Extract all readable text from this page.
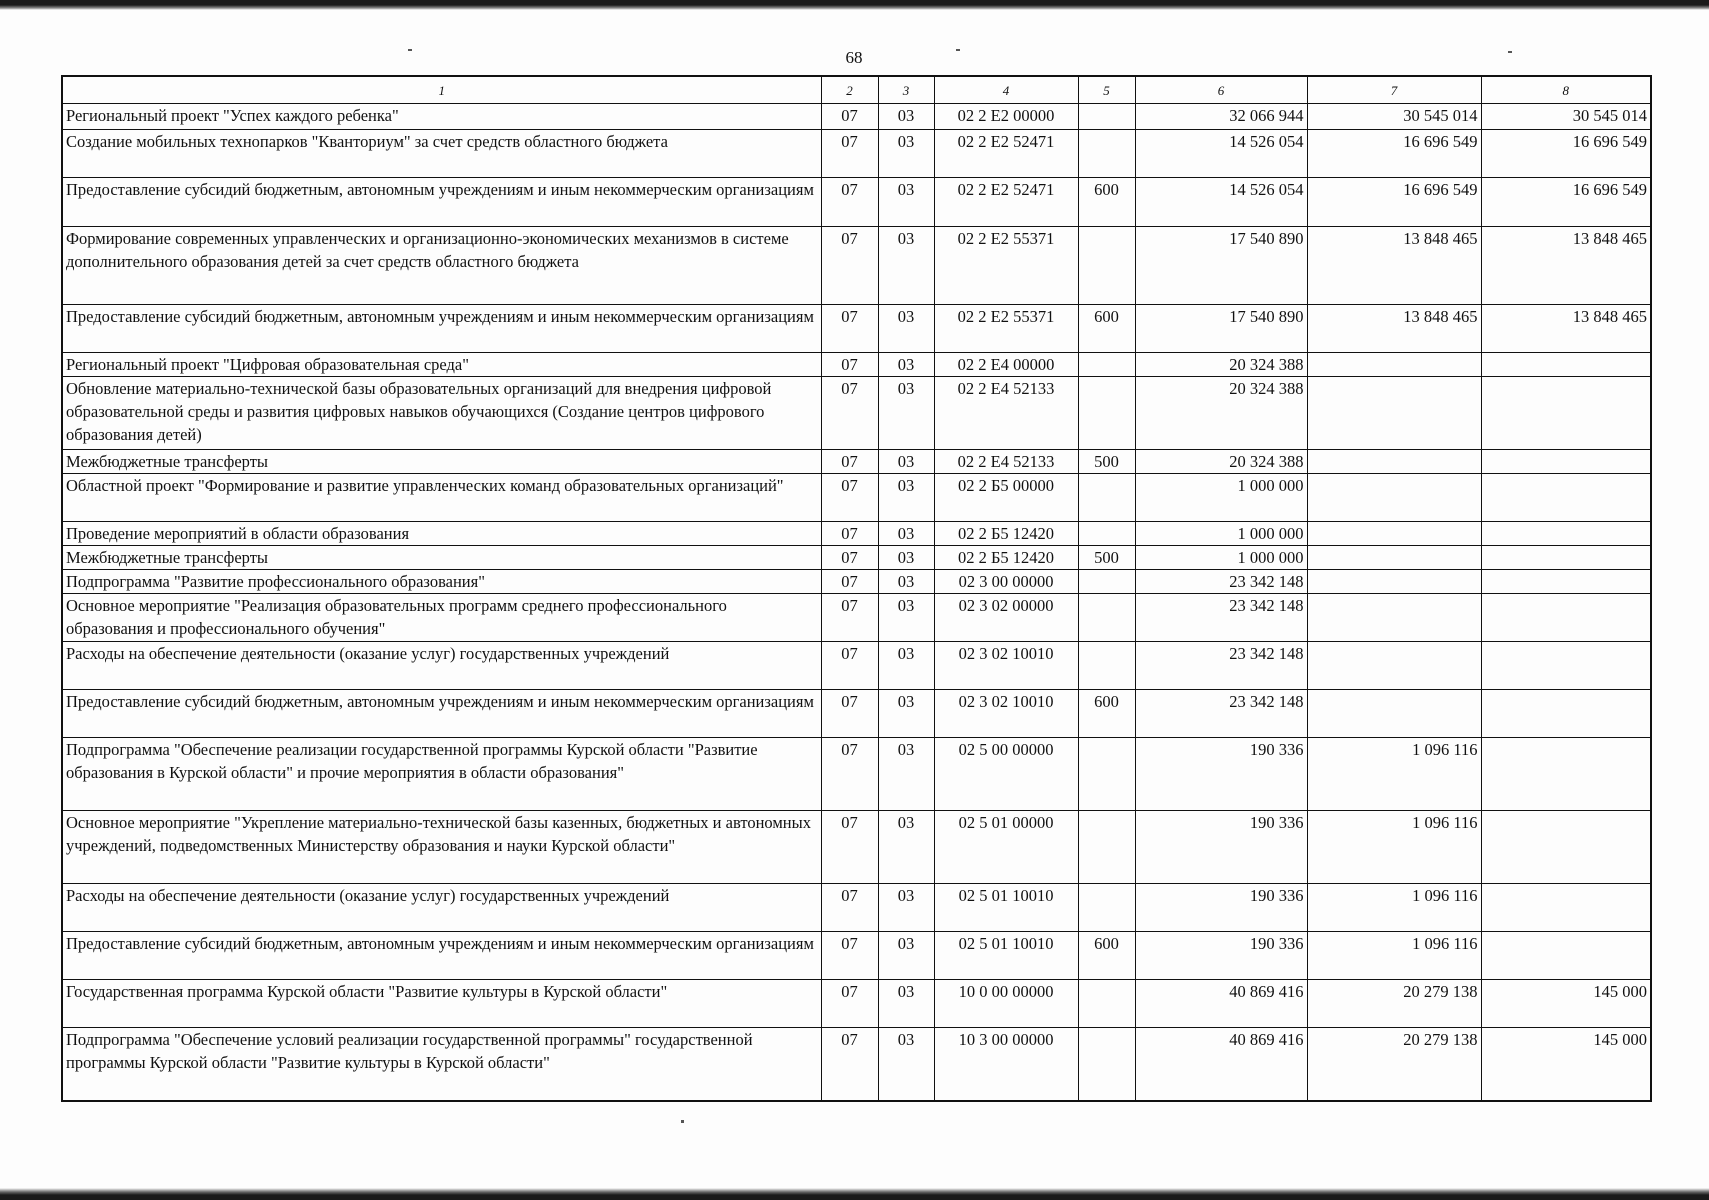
68
1	2	3	4	5	6	7	8
Региональный проект "Успех каждого ребенка"	07	03	02 2 E2 00000		32 066 944	30 545 014	30 545 014
Создание мобильных технопарков "Кванториум" за счет средств областного бюджета	07	03	02 2 E2 52471		14 526 054	16 696 549	16 696 549
Предоставление субсидий бюджетным, автономным учреждениям и иным некоммерческим организациям	07	03	02 2 E2 52471	600	14 526 054	16 696 549	16 696 549
Формирование современных управленческих и организационно-экономических механизмов в системе дополнительного образования детей за счет средств областного бюджета	07	03	02 2 E2 55371		17 540 890	13 848 465	13 848 465
Предоставление субсидий бюджетным, автономным учреждениям и иным некоммерческим организациям	07	03	02 2 E2 55371	600	17 540 890	13 848 465	13 848 465
Региональный проект "Цифровая образовательная среда"	07	03	02 2 E4 00000		20 324 388		
Обновление материально-технической базы образовательных организаций для внедрения цифровой образовательной среды и развития цифровых навыков обучающихся (Создание центров цифрового образования детей)	07	03	02 2 E4 52133		20 324 388		
Межбюджетные трансферты	07	03	02 2 E4 52133	500	20 324 388		
Областной проект "Формирование и развитие управленческих команд образовательных организаций"	07	03	02 2 Б5 00000		1 000 000		
Проведение мероприятий в области образования	07	03	02 2 Б5 12420		1 000 000		
Межбюджетные трансферты	07	03	02 2 Б5 12420	500	1 000 000		
Подпрограмма "Развитие профессионального образования"	07	03	02 3 00 00000		23 342 148		
Основное мероприятие "Реализация образовательных программ среднего профессионального образования и профессионального обучения"	07	03	02 3 02 00000		23 342 148		
Расходы на обеспечение деятельности (оказание услуг) государственных учреждений	07	03	02 3 02 10010		23 342 148		
Предоставление субсидий бюджетным, автономным учреждениям и иным некоммерческим организациям	07	03	02 3 02 10010	600	23 342 148		
Подпрограмма "Обеспечение реализации государственной программы Курской области "Развитие образования в Курской области" и прочие мероприятия в области образования"	07	03	02 5 00 00000		190 336	1 096 116	
Основное мероприятие "Укрепление материально-технической базы казенных, бюджетных и автономных учреждений, подведомственных Министерству образования и науки Курской области"	07	03	02 5 01 00000		190 336	1 096 116	
Расходы на обеспечение деятельности (оказание услуг) государственных учреждений	07	03	02 5 01 10010		190 336	1 096 116	
Предоставление субсидий бюджетным, автономным учреждениям и иным некоммерческим организациям	07	03	02 5 01 10010	600	190 336	1 096 116	
Государственная программа Курской области "Развитие культуры в Курской области"	07	03	10 0 00 00000		40 869 416	20 279 138	145 000
Подпрограмма "Обеспечение условий реализации государственной программы" государственной программы Курской области "Развитие культуры в Курской области"	07	03	10 3 00 00000		40 869 416	20 279 138	145 000
